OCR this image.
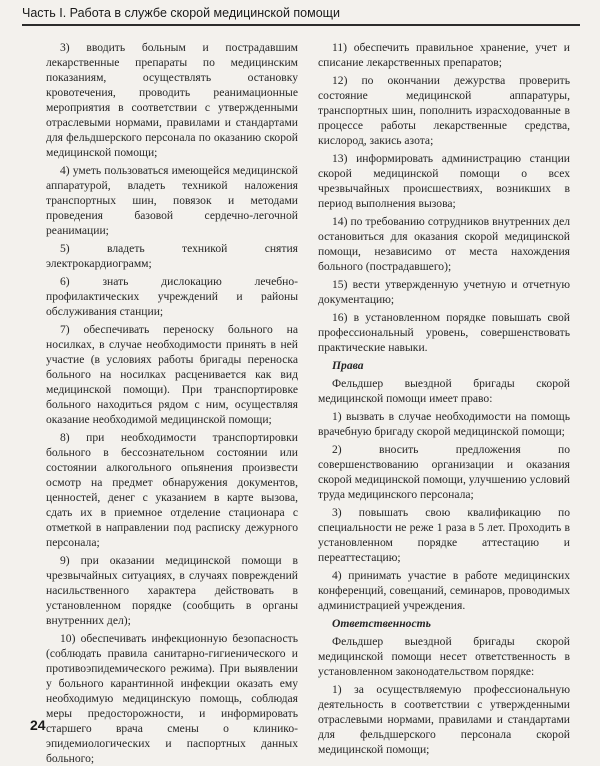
Часть I. Работа в службе скорой медицинской помощи

3) вводить больным и пострадавшим лекарственные препараты по медицинским показаниям, осуществлять остановку кровотечения, проводить реанимационные мероприятия в соответствии с утвержденными отраслевыми нормами, правилами и стандартами для фельдшерского персонала по оказанию скорой медицинской помощи;

4) уметь пользоваться имеющейся медицинской аппаратурой, владеть техникой наложения транспортных шин, повязок и методами проведения базовой сердечно-легочной реанимации;

5) владеть техникой снятия электрокардиограмм;

6) знать дислокацию лечебно-профилактических учреждений и районы обслуживания станции;

7) обеспечивать переноску больного на носилках, в случае необходимости принять в ней участие (в условиях работы бригады переноска больного на носилках расценивается как вид медицинской помощи). При транспортировке больного находиться рядом с ним, осуществляя оказание необходимой медицинской помощи;

8) при необходимости транспортировки больного в бессознательном состоянии или состоянии алкогольного опьянения произвести осмотр на предмет обнаружения документов, ценностей, денег с указанием в карте вызова, сдать их в приемное отделение стационара с отметкой в направлении под расписку дежурного персонала;

9) при оказании медицинской помощи в чрезвычайных ситуациях, в случаях повреждений насильственного характера действовать в установленном порядке (сообщить в органы внутренних дел);

10) обеспечивать инфекционную безопасность (соблюдать правила санитарно-гигиенического и противоэпидемического режима). При выявлении у больного карантинной инфекции оказать ему необходимую медицинскую помощь, соблюдая меры предосторожности, и информировать старшего врача смены о клинико-эпидемиологических и паспортных данных больного;

11) обеспечить правильное хранение, учет и списание лекарственных препаратов;

12) по окончании дежурства проверить состояние медицинской аппаратуры, транспортных шин, пополнить израсходованные в процессе работы лекарственные средства, кислород, закись азота;

13) информировать администрацию станции скорой медицинской помощи о всех чрезвычайных происшествиях, возникших в период выполнения вызова;

14) по требованию сотрудников внутренних дел остановиться для оказания скорой медицинской помощи, независимо от места нахождения больного (пострадавшего);

15) вести утвержденную учетную и отчетную документацию;

16) в установленном порядке повышать свой профессиональный уровень, совершенствовать практические навыки.

Права

Фельдшер выездной бригады скорой медицинской помощи имеет право:

1) вызвать в случае необходимости на помощь врачебную бригаду скорой медицинской помощи;

2) вносить предложения по совершенствованию организации и оказания скорой медицинской помощи, улучшению условий труда медицинского персонала;

3) повышать свою квалификацию по специальности не реже 1 раза в 5 лет. Проходить в установленном порядке аттестацию и переаттестацию;

4) принимать участие в работе медицинских конференций, совещаний, семинаров, проводимых администрацией учреждения.

Ответственность

Фельдшер выездной бригады скорой медицинской помощи несет ответственность в установленном законодательством порядке:

1) за осуществляемую профессиональную деятельность в соответствии с утвержденными отраслевыми нормами, правилами и стандартами для фельдшерского персонала скорой медицинской помощи;

24
